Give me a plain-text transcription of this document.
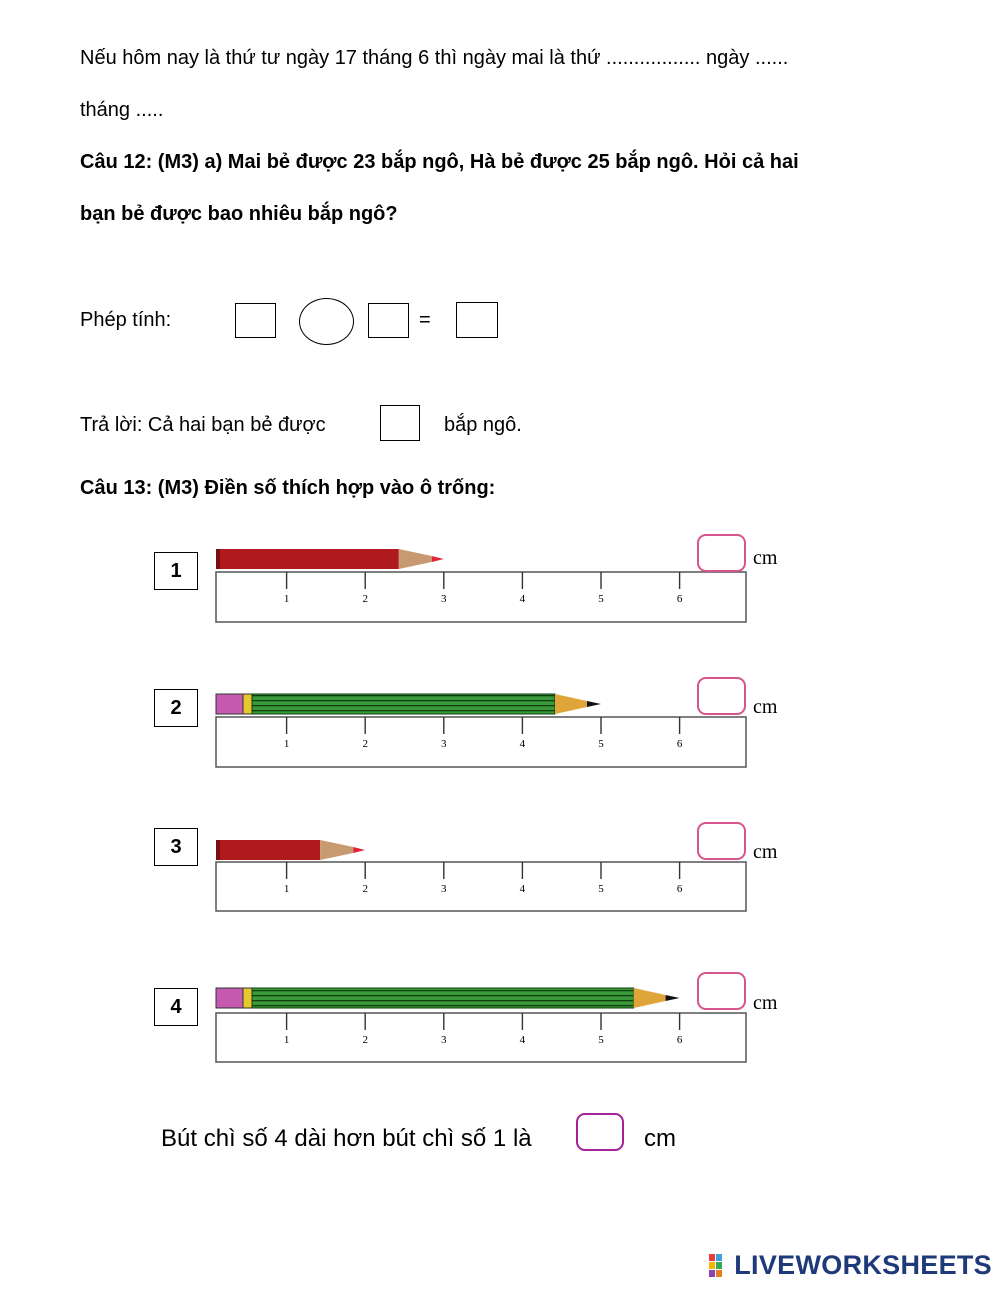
Nếu hôm nay là thứ tư ngày 17 tháng 6 thì ngày mai là thứ ................. ngày ......
tháng .....
Câu 12: (M3) a) Mai bẻ được 23 bắp ngô, Hà bẻ được 25 bắp ngô. Hỏi cả hai
bạn bẻ được bao nhiêu bắp ngô?
Phép tính:	=
Trả lời: Cả hai bạn bẻ được	bắp ngô.
Câu 13: (M3) Điền số thích hợp vào ô trống:
1	2	3	4	5	6
1	2	3	4	5	6
1	2	3	4	5	6
1	2	3	4	5	6
1
2
3
4
cm
cm
cm
cm
Bút chì số 4 dài hơn bút chì số 1 là	cm
LIVEWORKSHEETS
